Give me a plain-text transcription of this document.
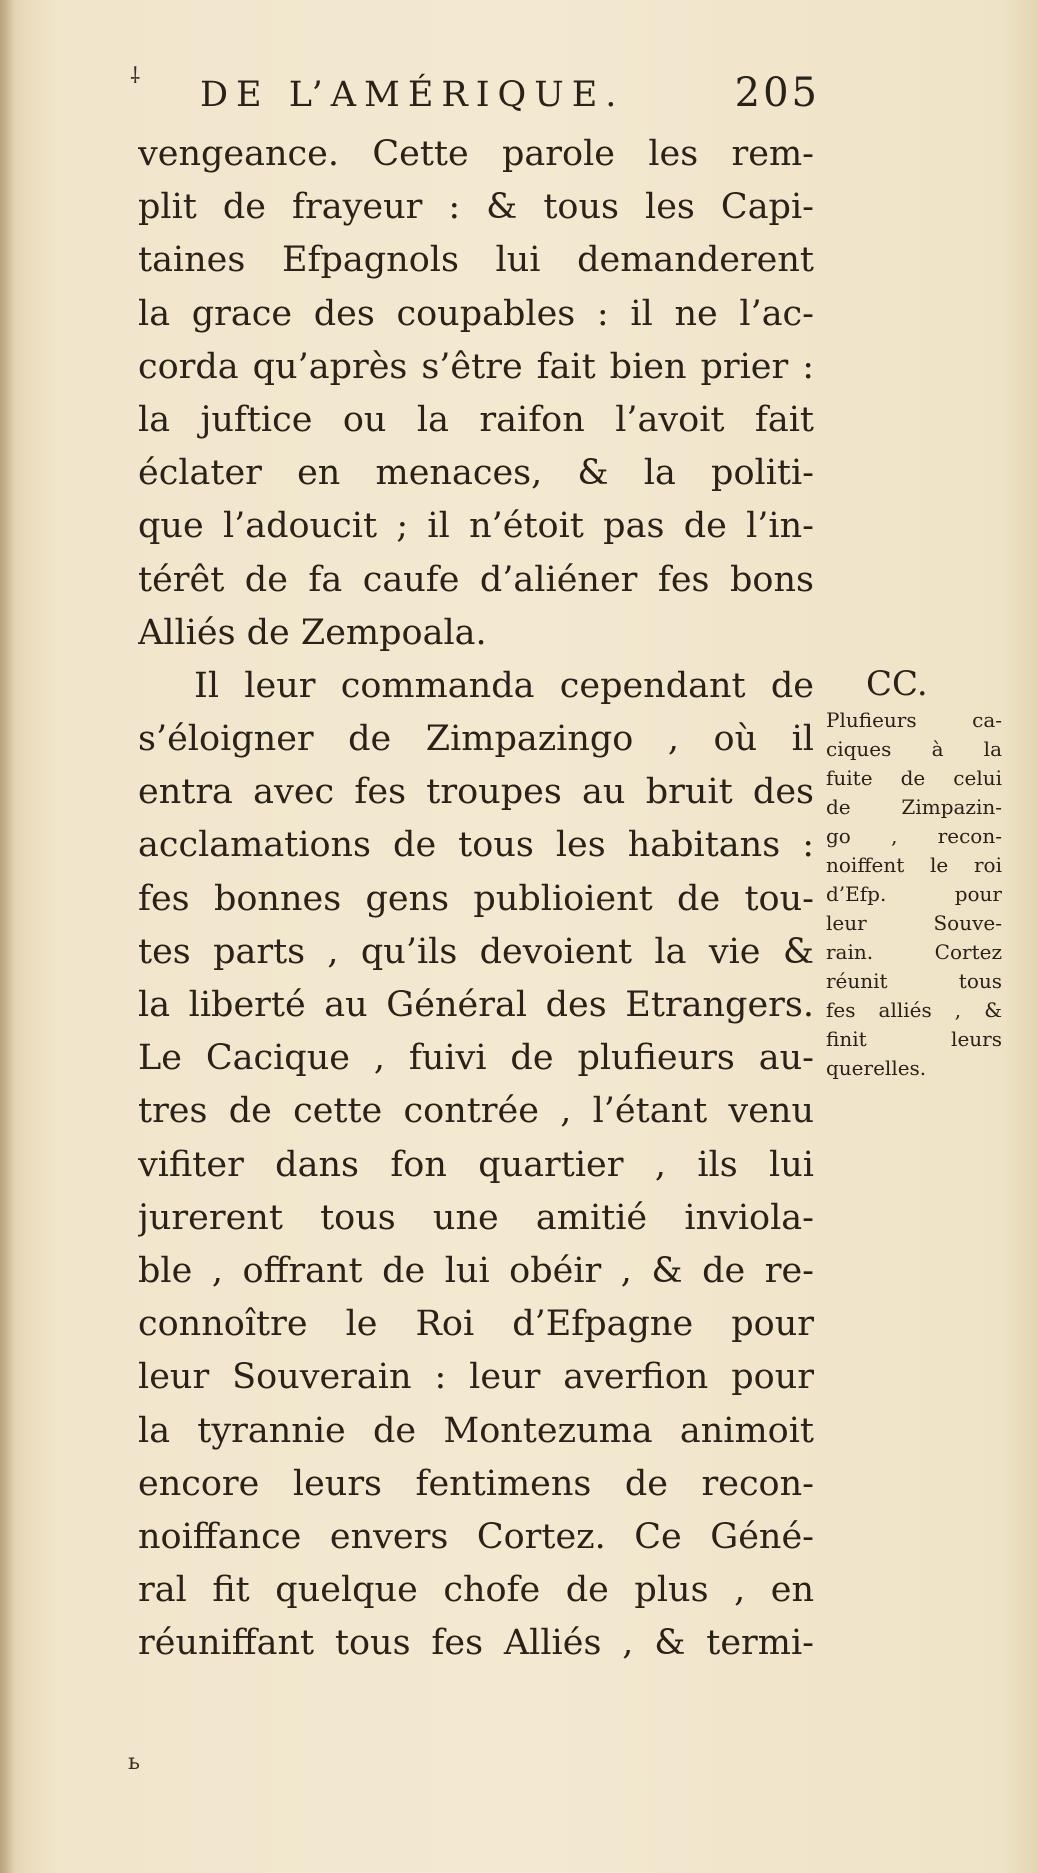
⸸ DE L’AMÉRIQUE.	205
vengeance. Cette parole les rem-
plit de frayeur : & tous les Capi-
taines Efpagnols lui demanderent
la grace des coupables : il ne l’ac-
corda qu’après s’être fait bien prier :
la juftice ou la raifon l’avoit fait
éclater en menaces, & la politi-
que l’adoucit ; il n’étoit pas de l’in-
térêt de fa caufe d’aliéner fes bons
Alliés de Zempoala.
Il leur commanda cependant de
s’éloigner de Zimpazingo , où il
entra avec fes troupes au bruit des
acclamations de tous les habitans :
fes bonnes gens publioient de tou-
tes parts , qu’ils devoient la vie &
la liberté au Général des Etrangers.
Le Cacique , fuivi de plufieurs au-
tres de cette contrée , l’étant venu
vifiter dans fon quartier , ils lui
jurerent tous une amitié inviola-
ble , offrant de lui obéir , & de re-
connoître le Roi d’Efpagne pour
leur Souverain : leur averfion pour
la tyrannie de Montezuma animoit
encore leurs fentimens de recon-
noiffance envers Cortez. Ce Géné-
ral fit quelque chofe de plus , en
réuniffant tous fes Alliés , & termi-
CC.
Plufieurs ca-
ciques à la
fuite de celui
de Zimpazin-
go , recon-
noiffent le roi
d’Efp. pour
leur Souve-
rain. Cortez
réunit tous
fes alliés , &
finit leurs
querelles.
ь
